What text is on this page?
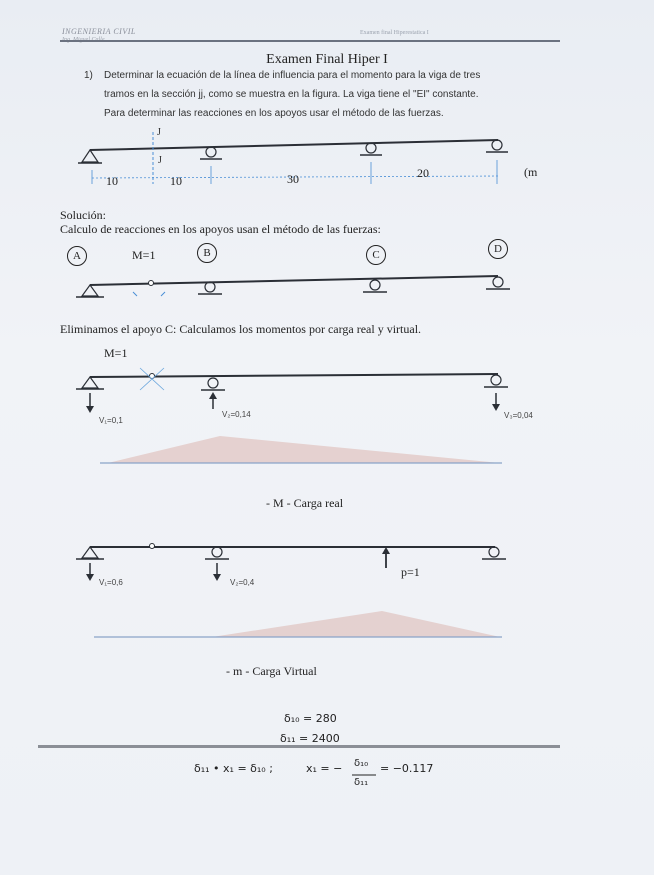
INGENIERIA CIVIL	Examen final Hiperestatica I
Examen Final Hiper I
1)	Determinar la ecuación de la línea de influencia para el momento para la viga de tres
tramos en la sección jj, como se muestra en la figura. La viga tiene el "EI" constante.
Para determinar las reacciones en los apoyos usar el método de las fuerzas.
J
J
10	10	30	20	(m
Solución:
Calculo de reacciones en los apoyos usan el método de las fuerzas:
A	M=1	B	C	D
Eliminamos el apoyo C: Calculamos los momentos por carga real y virtual.
M=1
V₁=0,1
V₂=0,14	V₃=0,04
- M - Carga real
V₁=0,6	V₂=0,4
p=1
- m - Carga Virtual
δ₁₀ = 280
δ₁₁ = 2400
δ₁₁ • x₁ = δ₁₀ ;	x₁ = − δ₁₀
δ₁₁
= −0.117
